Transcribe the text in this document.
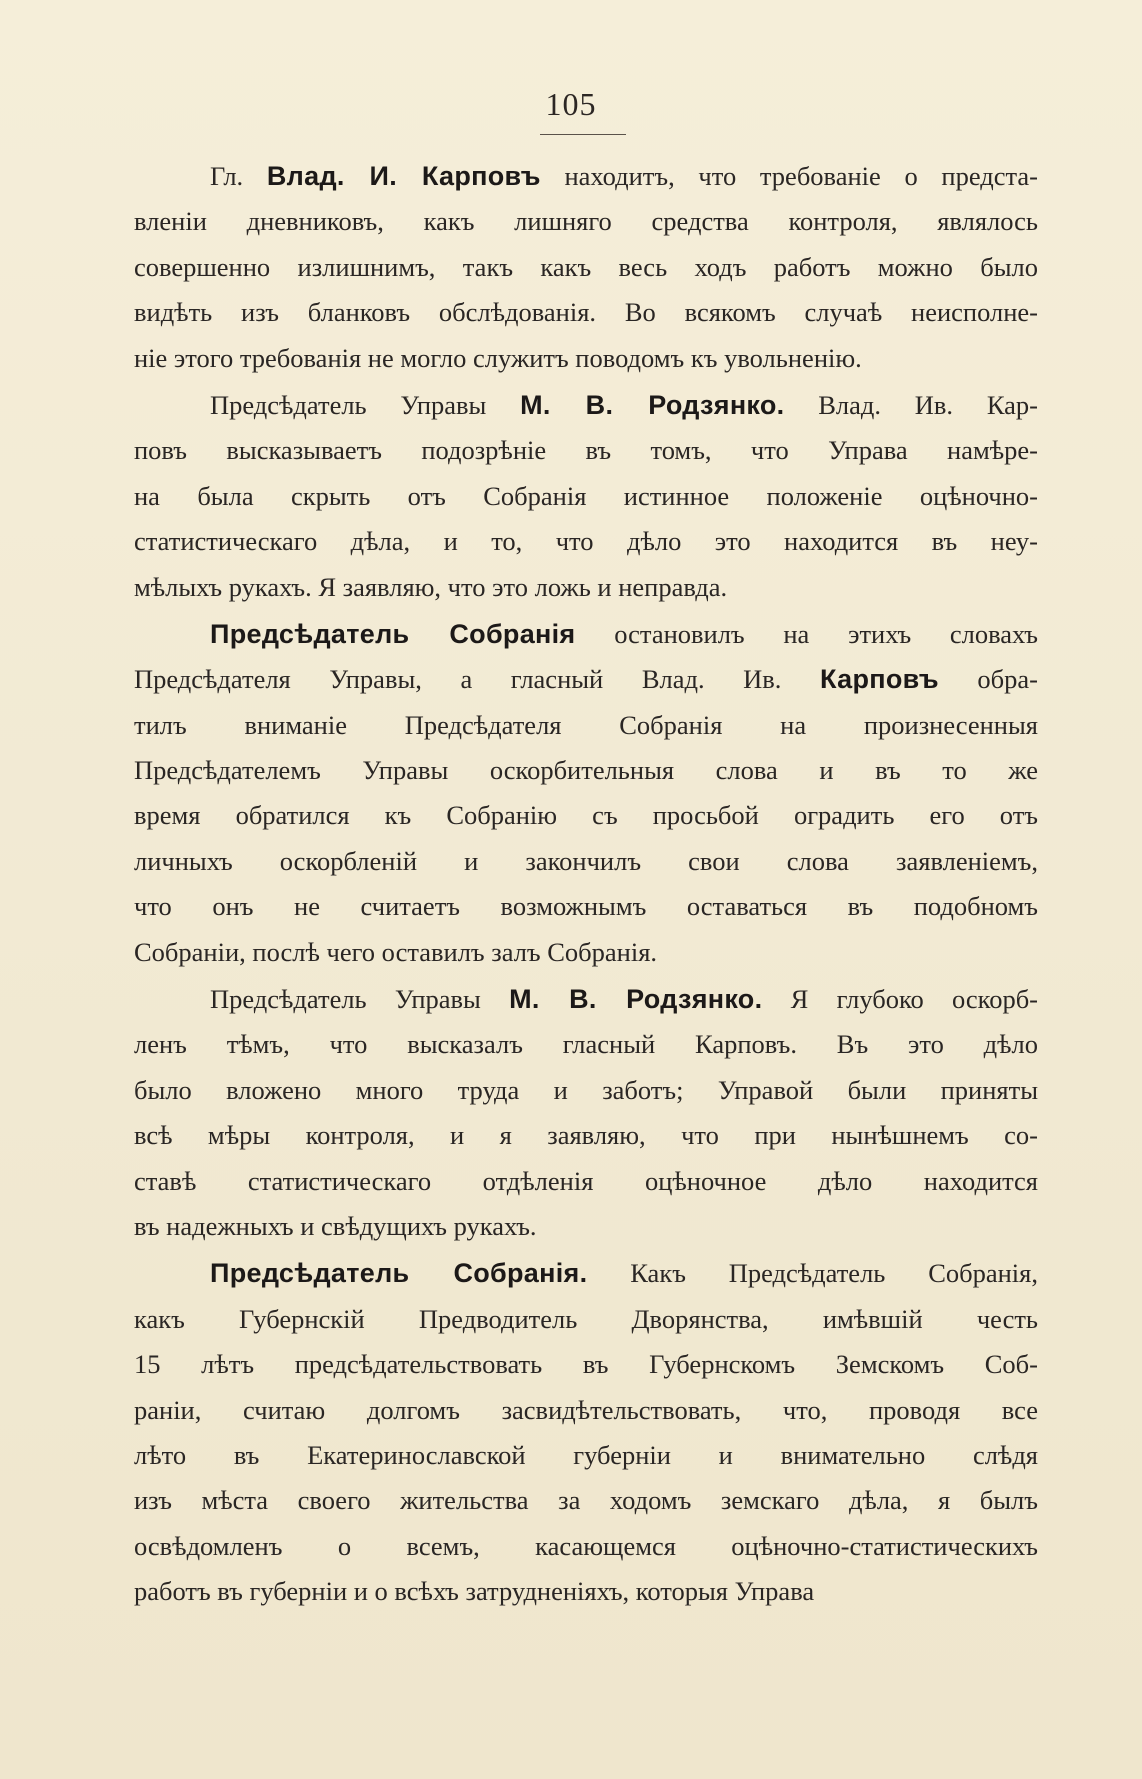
105
Гл. Влад. И. Карповъ находитъ, что требованіе о предста-
вленіи дневниковъ, какъ лишняго средства контроля, являлось
совершенно излишнимъ, такъ какъ весь ходъ работъ можно было
видѣть изъ бланковъ обслѣдованія. Во всякомъ случаѣ неисполне-
ніе этого требованія не могло служитъ поводомъ къ увольненію.
Предсѣдатель Управы М. В. Родзянко. Влад. Ив. Кар-
повъ высказываетъ подозрѣніе въ томъ, что Управа намѣре-
на была скрыть отъ Собранія истинное положеніе оцѣночно-
статистическаго дѣла, и то, что дѣло это находится въ неу-
мѣлыхъ рукахъ. Я заявляю, что это ложь и неправда.
Предсѣдатель Собранія остановилъ на этихъ словахъ
Предсѣдателя Управы, а гласный Влад. Ив. Карповъ обра-
тилъ вниманіе Предсѣдателя Собранія на произнесенныя
Предсѣдателемъ Управы оскорбительныя слова и въ то же
время обратился къ Собранію съ просьбой оградить его отъ
личныхъ оскорбленій и закончилъ свои слова заявленіемъ,
что онъ не считаетъ возможнымъ оставаться въ подобномъ
Собраніи, послѣ чего оставилъ залъ Собранія.
Предсѣдатель Управы М. В. Родзянко. Я глубоко оскорб-
ленъ тѣмъ, что высказалъ гласный Карповъ. Въ это дѣло
было вложено много труда и заботъ; Управой были приняты
всѣ мѣры контроля, и я заявляю, что при нынѣшнемъ со-
ставѣ статистическаго отдѣленія оцѣночное дѣло находится
въ надежныхъ и свѣдущихъ рукахъ.
Предсѣдатель Собранія. Какъ Предсѣдатель Собранія,
какъ Губернскій Предводитель Дворянства, имѣвшій честь
15 лѣтъ предсѣдательствовать въ Губернскомъ Земскомъ Соб-
раніи, считаю долгомъ засвидѣтельствовать, что, проводя все
лѣто въ Екатеринославской губерніи и внимательно слѣдя
изъ мѣста своего жительства за ходомъ земскаго дѣла, я былъ
освѣдомленъ о всемъ, касающемся оцѣночно-статистическихъ
работъ въ губерніи и о всѣхъ затрудненіяхъ, которыя Управа
